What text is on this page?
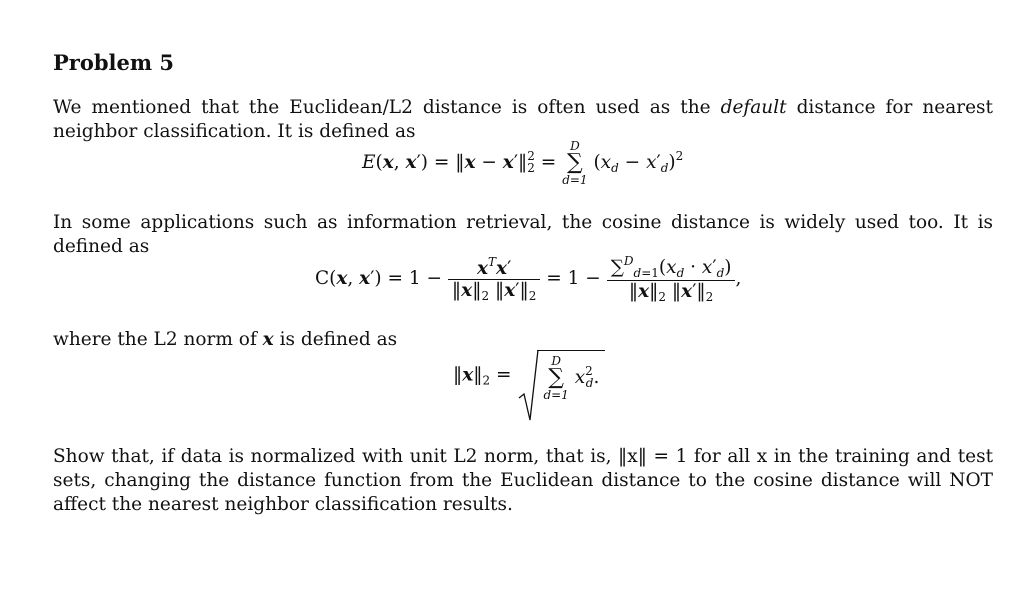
Problem 5
We mentioned that the Euclidean/L2 distance is often used as the default distance for nearest neighbor classification. It is defined as
E(x, x′) = ‖x − x′‖ $^2$
$_2$ =
D
∑
d=1
$(x_d - x'_d)^2$
In some applications such as information retrieval, the cosine distance is widely used too. It is defined as
C(x, $x') = 1 - \frac{x^Tx'}{‖x‖_2 ‖x'‖_2} = 1 - \frac{\sum^D_{d=1}(x_d \cdot x'_d)}{‖x‖_2 ‖x'‖_2}$ ,
where the L2 norm of x is defined as
$‖x‖_2$ =
D
∑
d=1
$x^2_d$.
Show that, if data is normalized with unit L2 norm, that is, ‖x‖ = 1 for all x in the training and test sets, changing the distance function from the Euclidean distance to the cosine distance will NOT affect the nearest neighbor classification results.
